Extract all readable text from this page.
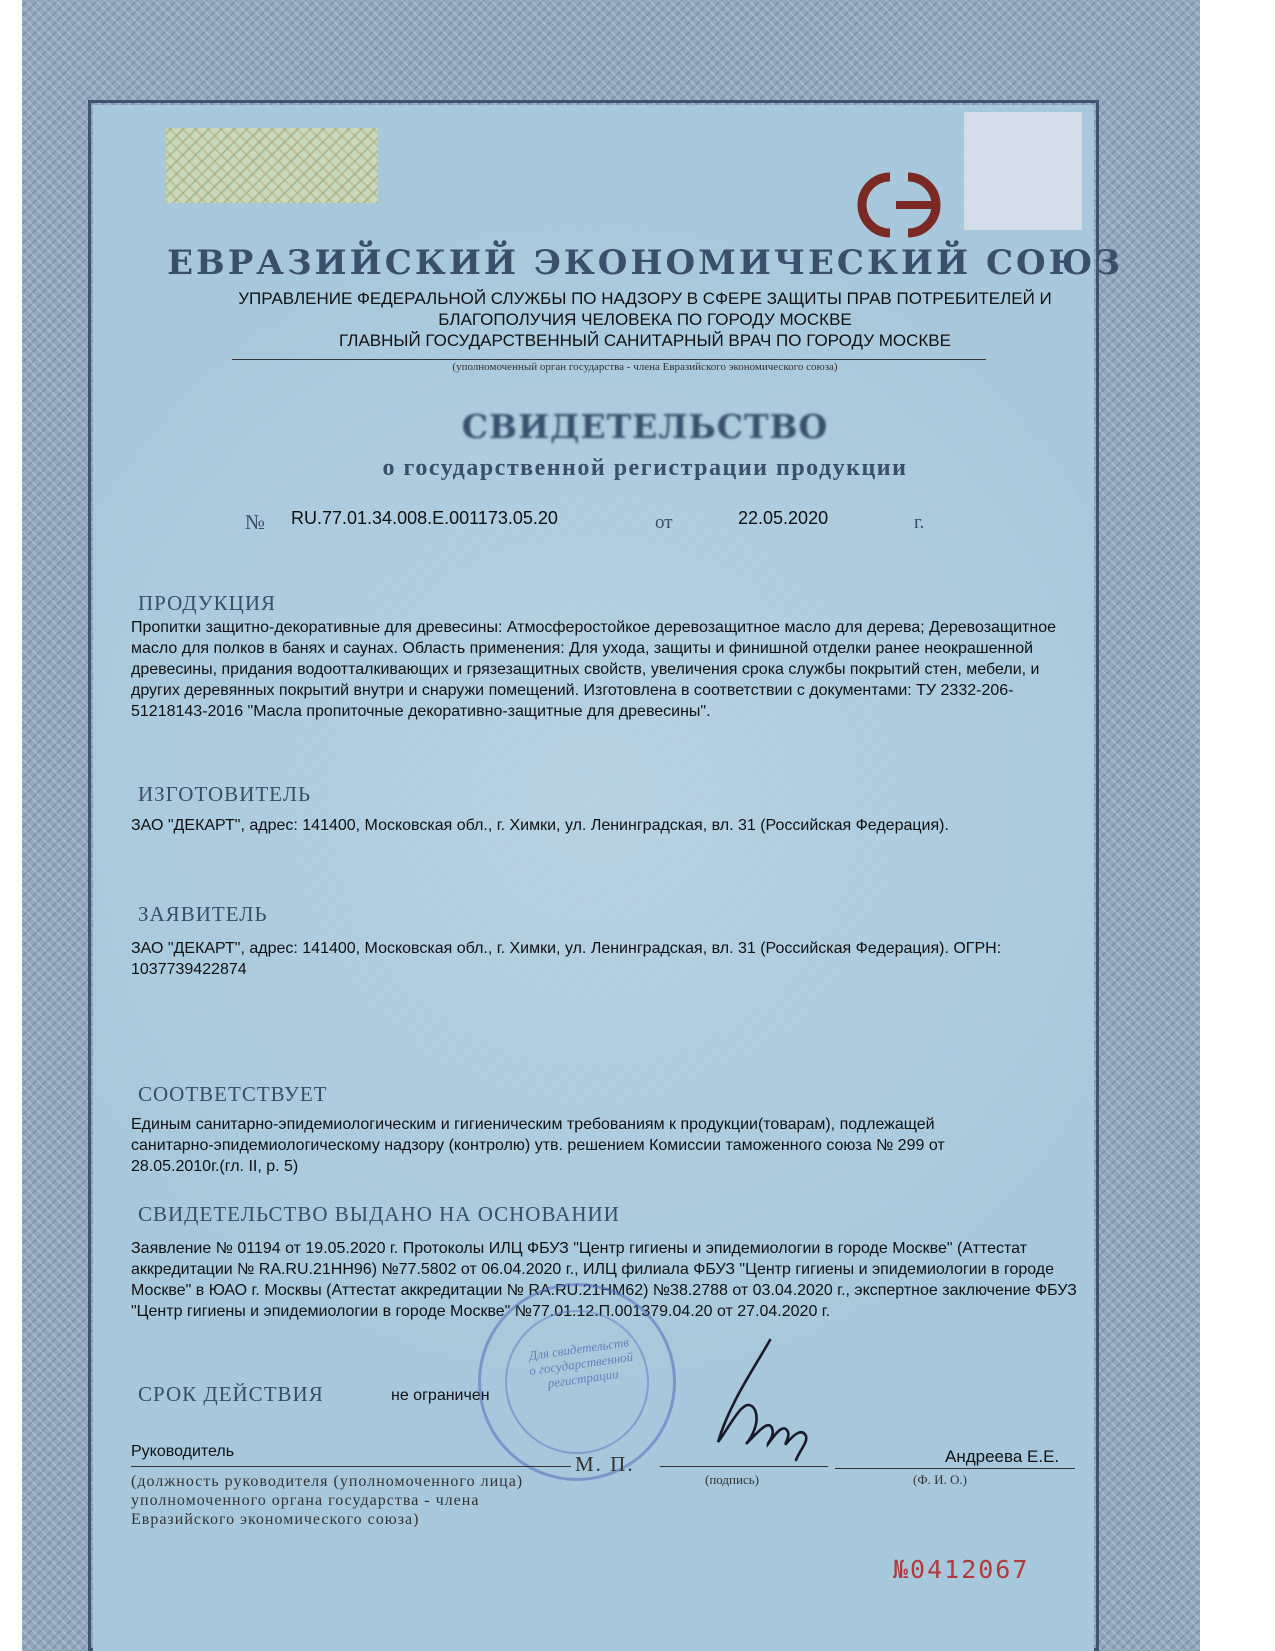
ЕВРАЗИЙСКИЙ ЭКОНОМИЧЕСКИЙ СОЮЗ
УПРАВЛЕНИЕ ФЕДЕРАЛЬНОЙ СЛУЖБЫ ПО НАДЗОРУ В СФЕРЕ ЗАЩИТЫ ПРАВ ПОТРЕБИТЕЛЕЙ И
БЛАГОПОЛУЧИЯ ЧЕЛОВЕКА ПО ГОРОДУ МОСКВЕ
ГЛАВНЫЙ ГОСУДАРСТВЕННЫЙ САНИТАРНЫЙ ВРАЧ ПО ГОРОДУ МОСКВЕ
(уполномоченный орган государства - члена Евразийского экономического союза)
СВИДЕТЕЛЬСТВО
о государственной регистрации продукции
№ RU.77.01.34.008.Е.001173.05.20	от	22.05.2020	г.
ПРОДУКЦИЯ
Пропитки защитно-декоративные для древесины: Атмосферостойкое деревозащитное масло для дерева; Деревозащитное масло для полков в банях и саунах. Область применения: Для ухода, защиты и финишной отделки ранее неокрашенной древесины, придания водоотталкивающих и грязезащитных свойств, увеличения срока службы покрытий стен, мебели, и других деревянных покрытий внутри и снаружи помещений. Изготовлена в соответствии с документами: ТУ 2332-206-51218143-2016 "Масла пропиточные декоративно-защитные для древесины".
ИЗГОТОВИТЕЛЬ
ЗАО "ДЕКАРТ", адрес: 141400, Московская обл., г. Химки, ул. Ленинградская, вл. 31 (Российская Федерация).
ЗАЯВИТЕЛЬ
ЗАО "ДЕКАРТ", адрес: 141400, Московская обл., г. Химки, ул. Ленинградская, вл. 31 (Российская Федерация). ОГРН: 1037739422874
СООТВЕТСТВУЕТ
Единым санитарно-эпидемиологическим и гигиеническим требованиям к продукции(товарам), подлежащей санитарно-эпидемиологическому надзору (контролю) утв. решением Комиссии таможенного союза № 299 от 28.05.2010г.(гл. II, р. 5)
СВИДЕТЕЛЬСТВО ВЫДАНО НА ОСНОВАНИИ
Заявление № 01194 от 19.05.2020 г. Протоколы ИЛЦ ФБУЗ "Центр гигиены и эпидемиологии в городе Москве" (Аттестат аккредитации № RA.RU.21НН96) №77.5802 от 06.04.2020 г., ИЛЦ филиала ФБУЗ "Центр гигиены и эпидемиологии в городе Москве" в ЮАО г. Москвы (Аттестат аккредитации № RA.RU.21НМ62) №38.2788 от 03.04.2020 г., экспертное заключение ФБУЗ "Центр гигиены и эпидемиологии в городе Москве" №77.01.12.П.001379.04.20 от 27.04.2020 г.
СРОК ДЕЙСТВИЯ	не ограничен
Для свидетельств о государственной регистрации
Руководитель
(должность руководителя (уполномоченного лица) уполномоченного органа государства - члена Евразийского экономического союза)
М. П.
(подпись)
Андреева Е.Е.
(Ф. И. О.)
№0412067
